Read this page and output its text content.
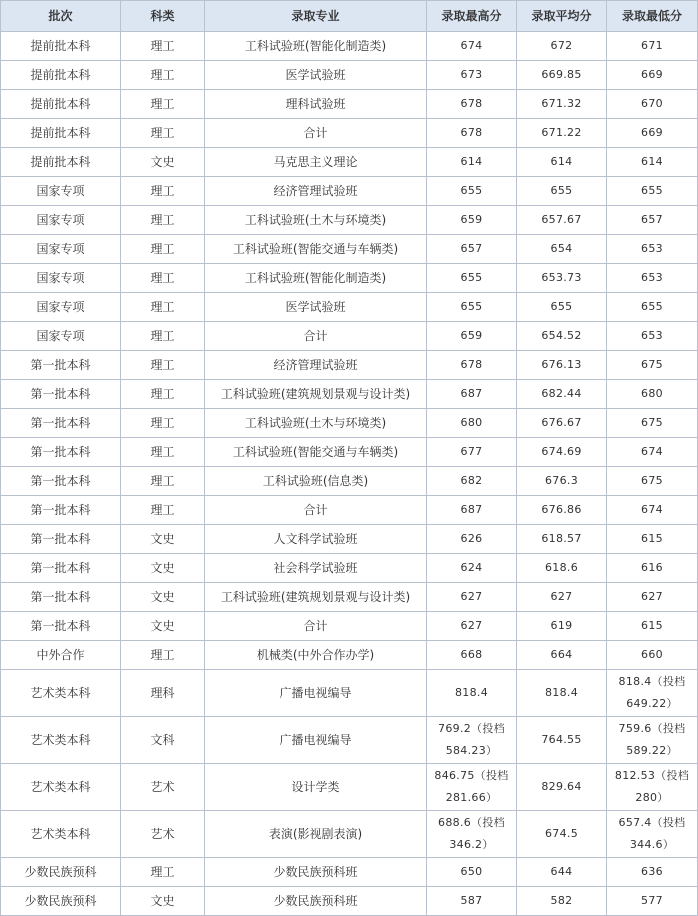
批次	科类	录取专业	录取最高分	录取平均分	录取最低分
提前批本科	理工	工科试验班(智能化制造类)	674	672	671
提前批本科	理工	医学试验班	673	669.85	669
提前批本科	理工	理科试验班	678	671.32	670
提前批本科	理工	合计	678	671.22	669
提前批本科	文史	马克思主义理论	614	614	614
国家专项	理工	经济管理试验班	655	655	655
国家专项	理工	工科试验班(土木与环境类)	659	657.67	657
国家专项	理工	工科试验班(智能交通与车辆类)	657	654	653
国家专项	理工	工科试验班(智能化制造类)	655	653.73	653
国家专项	理工	医学试验班	655	655	655
国家专项	理工	合计	659	654.52	653
第一批本科	理工	经济管理试验班	678	676.13	675
第一批本科	理工	工科试验班(建筑规划景观与设计类)	687	682.44	680
第一批本科	理工	工科试验班(土木与环境类)	680	676.67	675
第一批本科	理工	工科试验班(智能交通与车辆类)	677	674.69	674
第一批本科	理工	工科试验班(信息类)	682	676.3	675
第一批本科	理工	合计	687	676.86	674
第一批本科	文史	人文科学试验班	626	618.57	615
第一批本科	文史	社会科学试验班	624	618.6	616
第一批本科	文史	工科试验班(建筑规划景观与设计类)	627	627	627
第一批本科	文史	合计	627	619	615
中外合作	理工	机械类(中外合作办学)	668	664	660
艺术类本科	理科	广播电视编导	818.4	818.4	818.4（投档649.22）
艺术类本科	文科	广播电视编导	769.2（投档584.23）	764.55	759.6（投档589.22）
艺术类本科	艺术	设计学类	846.75（投档281.66）	829.64	812.53（投档280）
艺术类本科	艺术	表演(影视剧表演)	688.6（投档346.2）	674.5	657.4（投档344.6）
少数民族预科	理工	少数民族预科班	650	644	636
少数民族预科	文史	少数民族预科班	587	582	577
